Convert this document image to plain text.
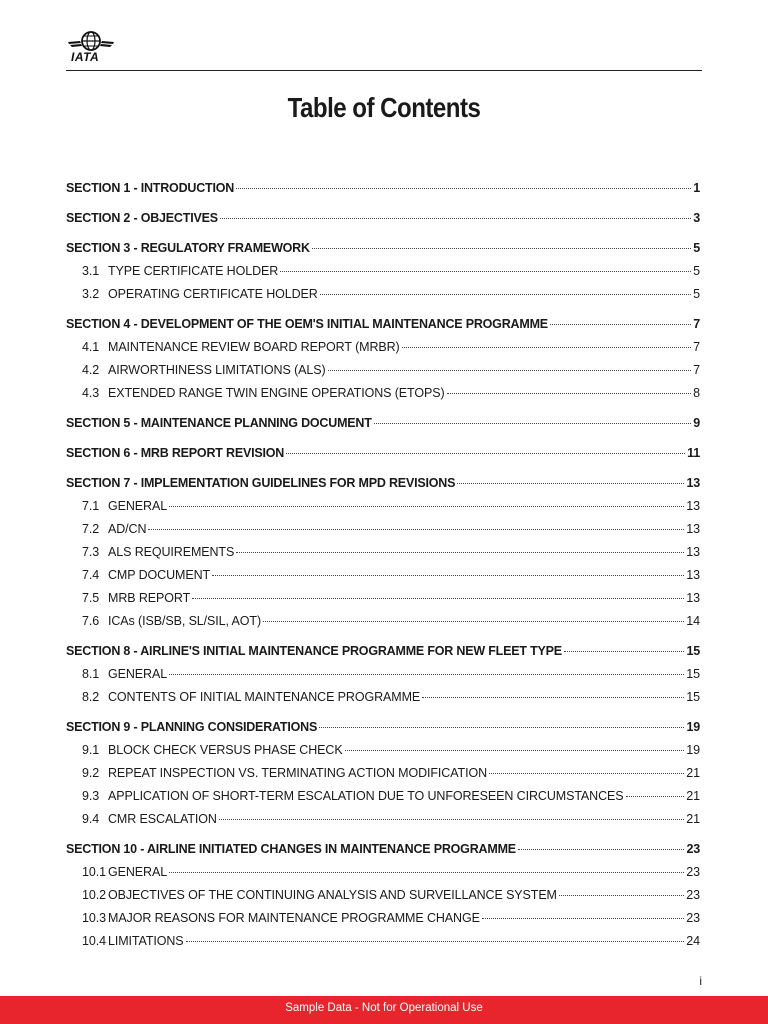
IATA
Table of Contents
SECTION 1 - INTRODUCTION	1
SECTION 2 - OBJECTIVES	3
SECTION 3 - REGULATORY FRAMEWORK	5
3.1 TYPE CERTIFICATE HOLDER	5
3.2 OPERATING CERTIFICATE HOLDER	5
SECTION 4 - DEVELOPMENT OF THE OEM'S INITIAL MAINTENANCE PROGRAMME	7
4.1 MAINTENANCE REVIEW BOARD REPORT (MRBR)	7
4.2 AIRWORTHINESS LIMITATIONS (ALS)	7
4.3 EXTENDED RANGE TWIN ENGINE OPERATIONS (ETOPS)	8
SECTION 5 - MAINTENANCE PLANNING DOCUMENT	9
SECTION 6 - MRB REPORT REVISION	11
SECTION 7 - IMPLEMENTATION GUIDELINES FOR MPD REVISIONS	13
7.1 GENERAL	13
7.2 AD/CN	13
7.3 ALS REQUIREMENTS	13
7.4 CMP DOCUMENT	13
7.5 MRB REPORT	13
7.6 ICAs (ISB/SB, SL/SIL, AOT)	14
SECTION 8 - AIRLINE'S INITIAL MAINTENANCE PROGRAMME FOR NEW FLEET TYPE	15
8.1 GENERAL	15
8.2 CONTENTS OF INITIAL MAINTENANCE PROGRAMME	15
SECTION 9 - PLANNING CONSIDERATIONS	19
9.1 BLOCK CHECK VERSUS PHASE CHECK	19
9.2 REPEAT INSPECTION VS. TERMINATING ACTION MODIFICATION	21
9.3 APPLICATION OF SHORT-TERM ESCALATION DUE TO UNFORESEEN CIRCUMSTANCES	21
9.4 CMR ESCALATION	21
SECTION 10 - AIRLINE INITIATED CHANGES IN MAINTENANCE PROGRAMME	23
10.1 GENERAL	23
10.2 OBJECTIVES OF THE CONTINUING ANALYSIS AND SURVEILLANCE SYSTEM	23
10.3 MAJOR REASONS FOR MAINTENANCE PROGRAMME CHANGE	23
10.4 LIMITATIONS	24
i
Sample Data - Not for Operational Use
